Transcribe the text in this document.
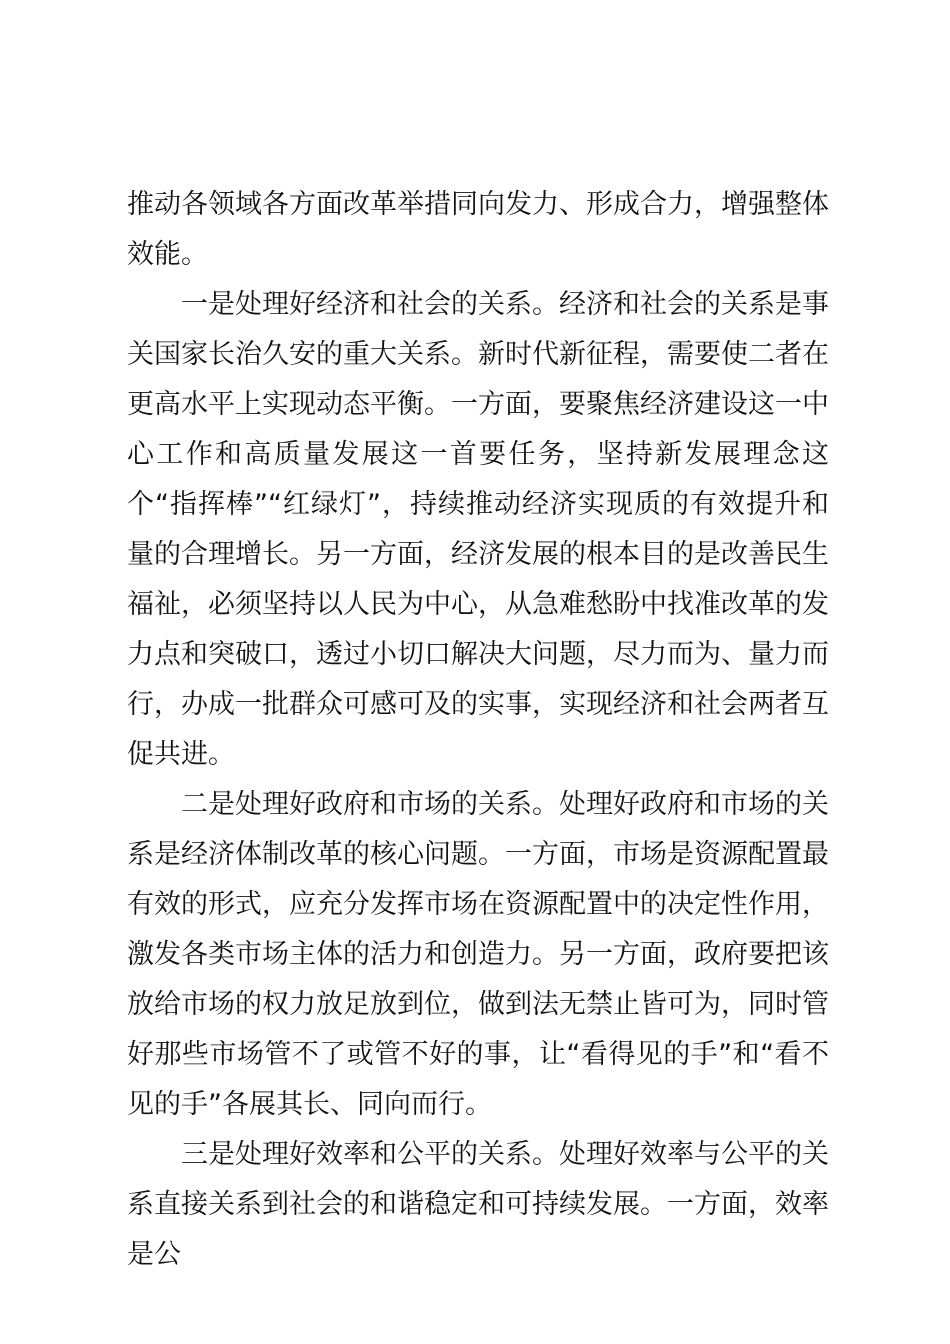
推动各领域各方面改革举措同向发力、形成合力，增强整体效能。

一是处理好经济和社会的关系。经济和社会的关系是事关国家长治久安的重大关系。新时代新征程，需要使二者在更高水平上实现动态平衡。一方面，要聚焦经济建设这一中心工作和高质量发展这一首要任务，坚持新发展理念这个“指挥棒”“红绿灯”，持续推动经济实现质的有效提升和量的合理增长。另一方面，经济发展的根本目的是改善民生福祉，必须坚持以人民为中心，从急难愁盼中找准改革的发力点和突破口，透过小切口解决大问题，尽力而为、量力而行，办成一批群众可感可及的实事，实现经济和社会两者互促共进。

二是处理好政府和市场的关系。处理好政府和市场的关系是经济体制改革的核心问题。一方面，市场是资源配置最有效的形式，应充分发挥市场在资源配置中的决定性作用，激发各类市场主体的活力和创造力。另一方面，政府要把该放给市场的权力放足放到位，做到法无禁止皆可为，同时管好那些市场管不了或管不好的事，让“看得见的手”和“看不见的手”各展其长、同向而行。

三是处理好效率和公平的关系。处理好效率与公平的关系直接关系到社会的和谐稳定和可持续发展。一方面，效率是公
